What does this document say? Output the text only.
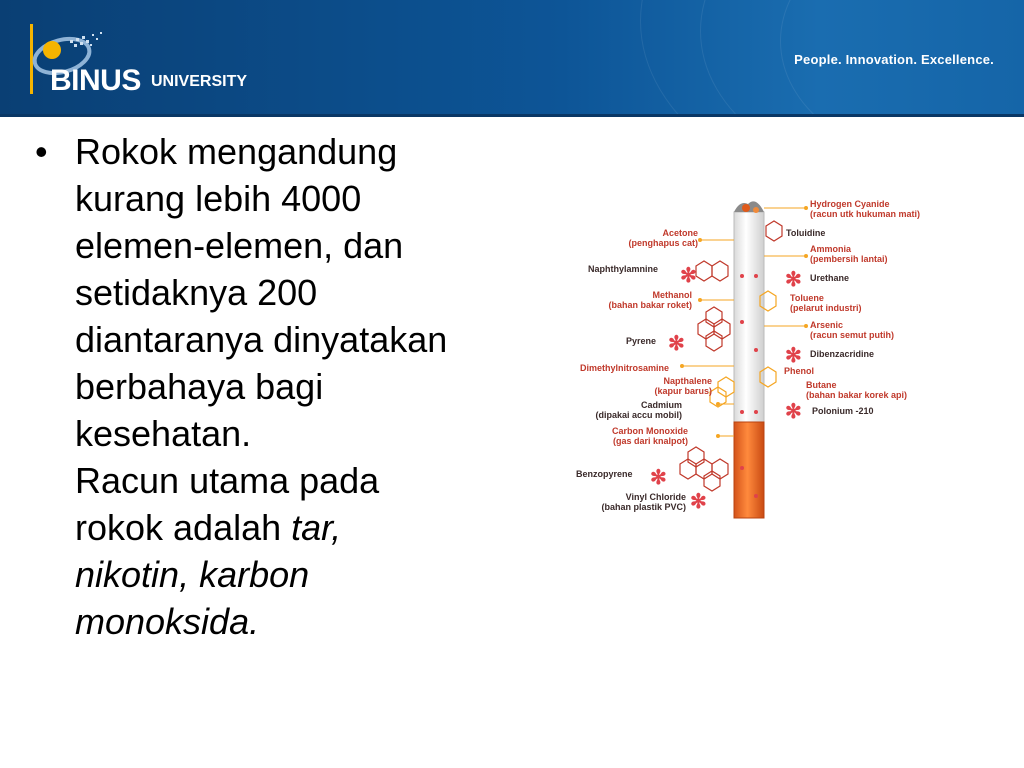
BINUS UNIVERSITY
People. Innovation. Excellence.
• Rokok mengandung

kurang lebih 4000

elemen-elemen, dan

setidaknya 200

diantaranya dinyatakan

berbahaya bagi

kesehatan.

Racun utama pada

rokok adalah tar,

nikotin, karbon

monoksida.

✻	✻
✻
✻
✻
✻
✻
Acetone
(penghapus cat)
Naphthylamnine
Methanol
(bahan bakar roket)
Pyrene
Dimethylnitrosamine
Napthalene
(kapur barus)
Cadmium
(dipakai accu mobil)
Carbon Monoxide
(gas dari knalpot)
Benzopyrene
Vinyl Chloride
(bahan plastik PVC)
Hydrogen Cyanide
(racun utk hukuman mati)
Toluidine
Ammonia
(pembersih lantai)
Urethane
Toluene
(pelarut industri)
Arsenic
(racun semut putih)
Dibenzacridine
Phenol
Butane
(bahan bakar korek api)
Polonium -210
